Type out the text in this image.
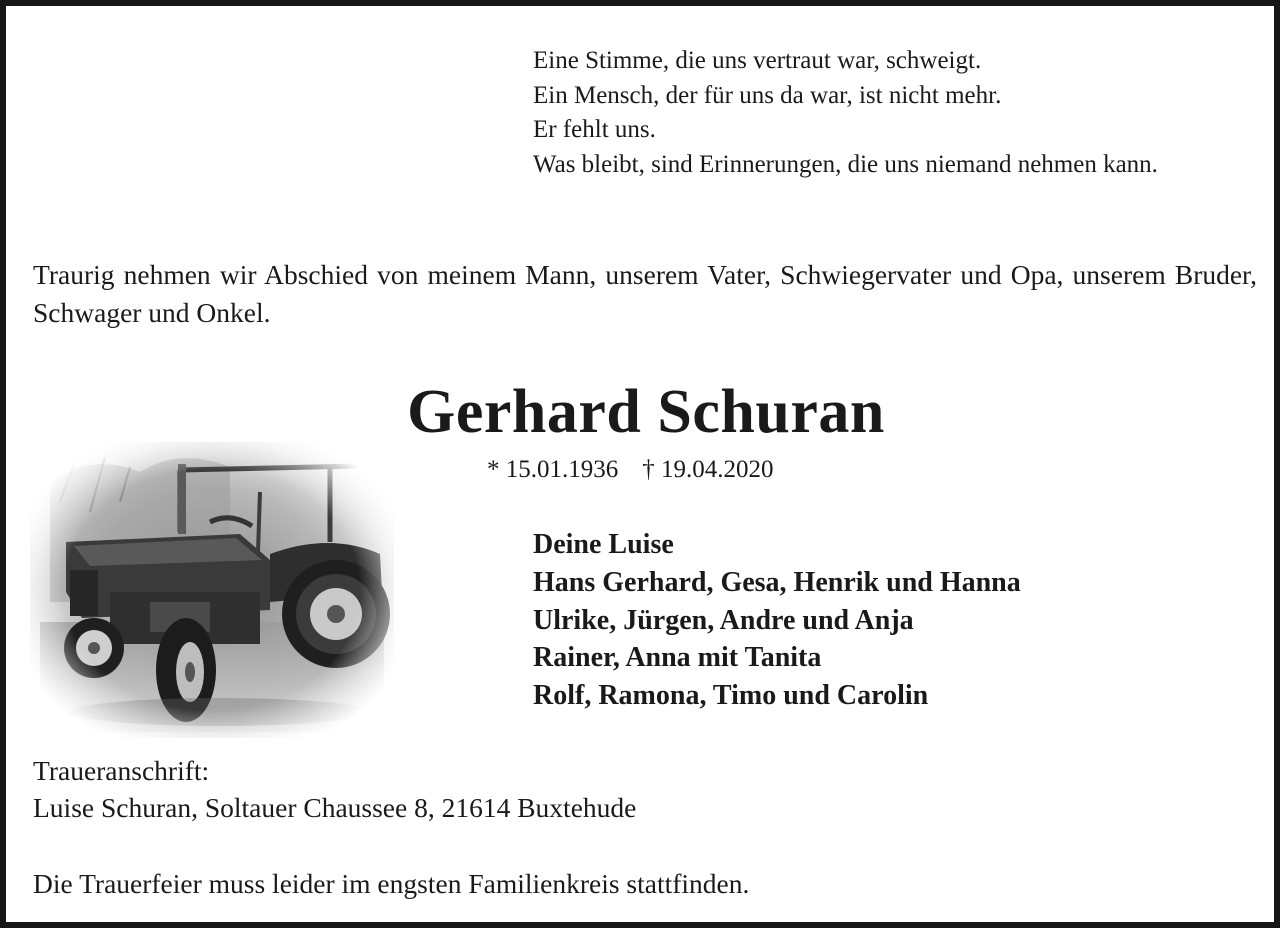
Eine Stimme, die uns vertraut war, schweigt.
Ein Mensch, der für uns da war, ist nicht mehr.
Er fehlt uns.
Was bleibt, sind Erinnerungen, die uns niemand nehmen kann.
Traurig nehmen wir Abschied von meinem Mann, unserem Vater, Schwiegervater und Opa, unserem Bruder, Schwager und Onkel.
Gerhard Schuran
* 15.01.1936 † 19.04.2020
Deine Luise
Hans Gerhard, Gesa, Henrik und Hanna
Ulrike, Jürgen, Andre und Anja
Rainer, Anna mit Tanita
Rolf, Ramona, Timo und Carolin
Traueranschrift:
Luise Schuran, Soltauer Chaussee 8, 21614 Buxtehude
Die Trauerfeier muss leider im engsten Familienkreis stattfinden.
